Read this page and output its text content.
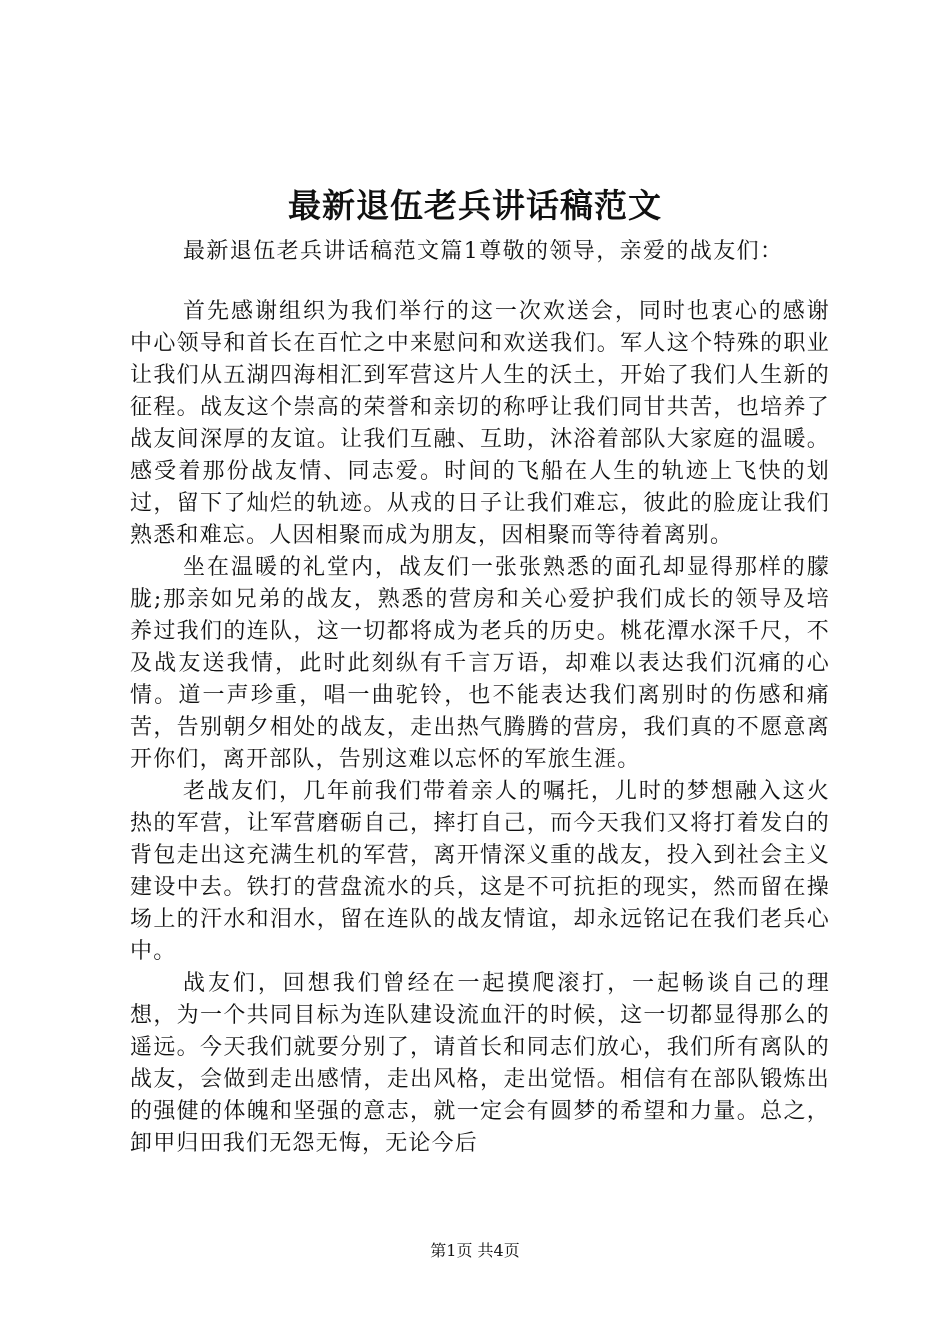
最新退伍老兵讲话稿范文

最新退伍老兵讲话稿范文篇1尊敬的领导，亲爱的战友们：

首先感谢组织为我们举行的这一次欢送会，同时也衷心的感谢中心领导和首长在百忙之中来慰问和欢送我们。军人这个特殊的职业让我们从五湖四海相汇到军营这片人生的沃土，开始了我们人生新的征程。战友这个崇高的荣誉和亲切的称呼让我们同甘共苦，也培养了战友间深厚的友谊。让我们互融、互助，沐浴着部队大家庭的温暖。感受着那份战友情、同志爱。时间的飞船在人生的轨迹上飞快的划过，留下了灿烂的轨迹。从戎的日子让我们难忘，彼此的脸庞让我们熟悉和难忘。人因相聚而成为朋友，因相聚而等待着离别。

坐在温暖的礼堂内，战友们一张张熟悉的面孔却显得那样的朦胧;那亲如兄弟的战友，熟悉的营房和关心爱护我们成长的领导及培养过我们的连队，这一切都将成为老兵的历史。桃花潭水深千尺，不及战友送我情，此时此刻纵有千言万语，却难以表达我们沉痛的心情。道一声珍重，唱一曲驼铃，也不能表达我们离别时的伤感和痛苦，告别朝夕相处的战友，走出热气腾腾的营房，我们真的不愿意离开你们，离开部队，告别这难以忘怀的军旅生涯。

老战友们，几年前我们带着亲人的嘱托，儿时的梦想融入这火热的军营，让军营磨砺自己，摔打自己，而今天我们又将打着发白的背包走出这充满生机的军营，离开情深义重的战友，投入到社会主义建设中去。铁打的营盘流水的兵，这是不可抗拒的现实，然而留在操场上的汗水和泪水，留在连队的战友情谊，却永远铭记在我们老兵心中。

战友们，回想我们曾经在一起摸爬滚打，一起畅谈自己的理想，为一个共同目标为连队建设流血汗的时候，这一切都显得那么的遥远。今天我们就要分别了，请首长和同志们放心，我们所有离队的战友，会做到走出感情，走出风格，走出觉悟。相信有在部队锻炼出的强健的体魄和坚强的意志，就一定会有圆梦的希望和力量。总之，卸甲归田我们无怨无悔，无论今后

第1页 共4页
